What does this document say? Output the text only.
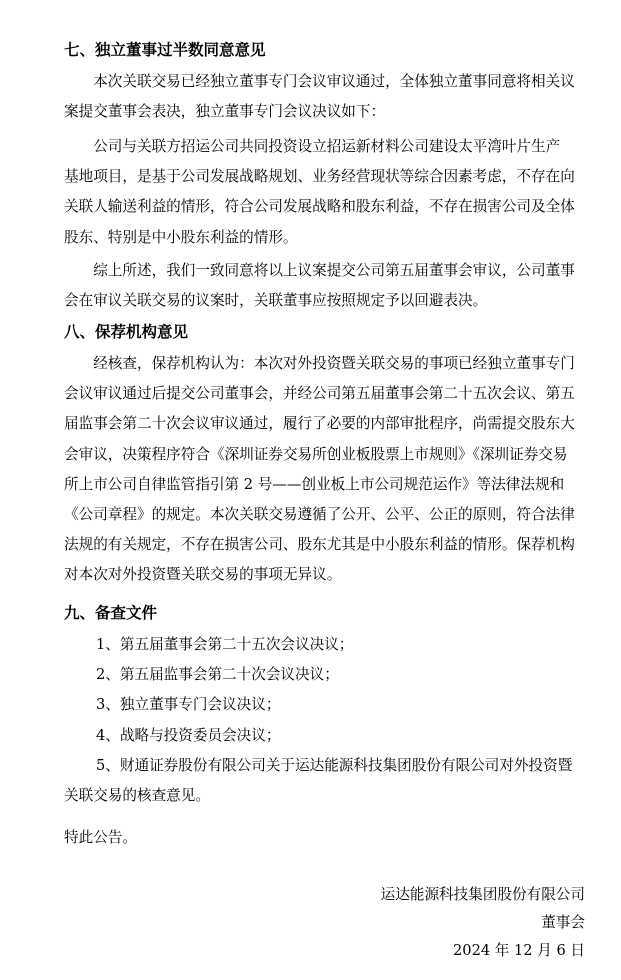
七、独立董事过半数同意意见
　　本次关联交易已经独立董事专门会议审议通过，全体独立董事同意将相关议
案提交董事会表决，独立董事专门会议决议如下：
　　公司与关联方招运公司共同投资设立招运新材料公司建设太平湾叶片生产
基地项目，是基于公司发展战略规划、业务经营现状等综合因素考虑，不存在向
关联人输送利益的情形，符合公司发展战略和股东利益，不存在损害公司及全体
股东、特别是中小股东利益的情形。
　　综上所述，我们一致同意将以上议案提交公司第五届董事会审议，公司董事
会在审议关联交易的议案时，关联董事应按照规定予以回避表决。
八、保荐机构意见
　　经核查，保荐机构认为：本次对外投资暨关联交易的事项已经独立董事专门
会议审议通过后提交公司董事会，并经公司第五届董事会第二十五次会议、第五
届监事会第二十次会议审议通过，履行了必要的内部审批程序，尚需提交股东大
会审议，决策程序符合《深圳证券交易所创业板股票上市规则》《深圳证券交易
所上市公司自律监管指引第 2 号——创业板上市公司规范运作》等法律法规和
《公司章程》的规定。本次关联交易遵循了公开、公平、公正的原则，符合法律
法规的有关规定，不存在损害公司、股东尤其是中小股东利益的情形。保荐机构
对本次对外投资暨关联交易的事项无异议。
九、备查文件
1、第五届董事会第二十五次会议决议；
2、第五届监事会第二十次会议决议；
3、独立董事专门会议决议；
4、战略与投资委员会决议；
5、财通证券股份有限公司关于运达能源科技集团股份有限公司对外投资暨
关联交易的核查意见。
特此公告。
运达能源科技集团股份有限公司
董事会
2024 年 12 月 6 日
